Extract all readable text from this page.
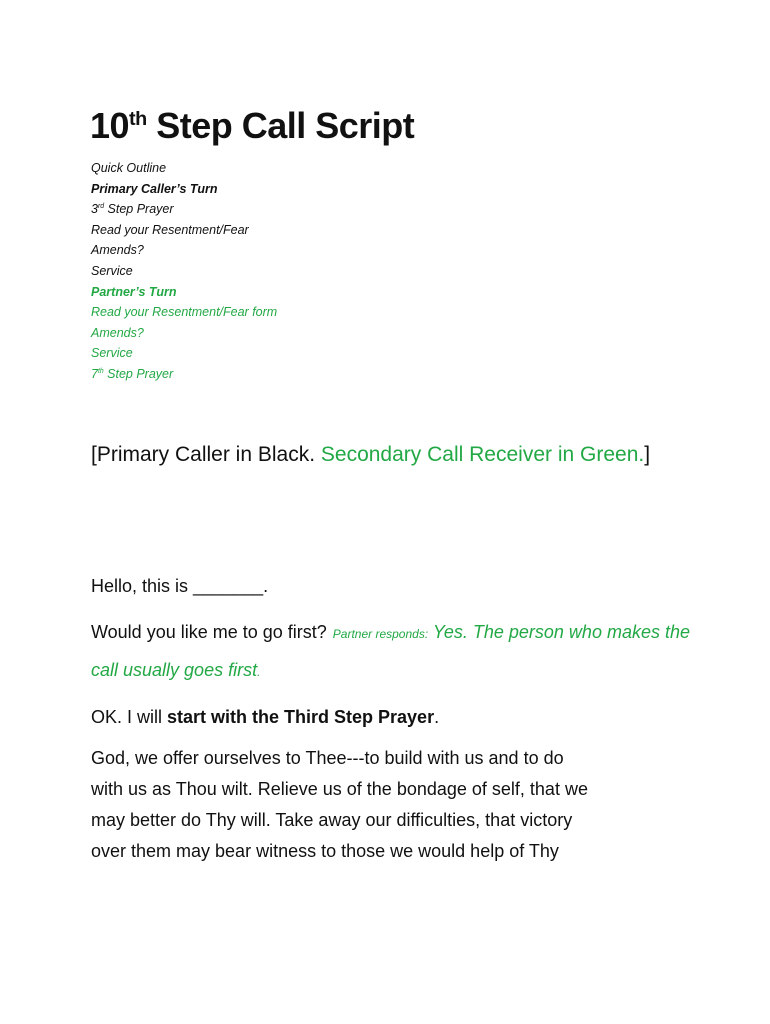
10th Step Call Script
Quick Outline
Primary Caller’s Turn
3rd Step Prayer
Read your Resentment/Fear
Amends?
Service
Partner’s Turn
Read your Resentment/Fear form
Amends?
Service
7th Step Prayer
[Primary Caller in Black. Secondary Call Receiver in Green.]
Hello, this is _______.
Would you like me to go first? Partner responds: Yes. The person who makes the call usually goes first.
OK. I will start with the Third Step Prayer.
God, we offer ourselves to Thee---to build with us and to do
with us as Thou wilt. Relieve us of the bondage of self, that we
may better do Thy will. Take away our difficulties, that victory
over them may bear witness to those we would help of Thy
